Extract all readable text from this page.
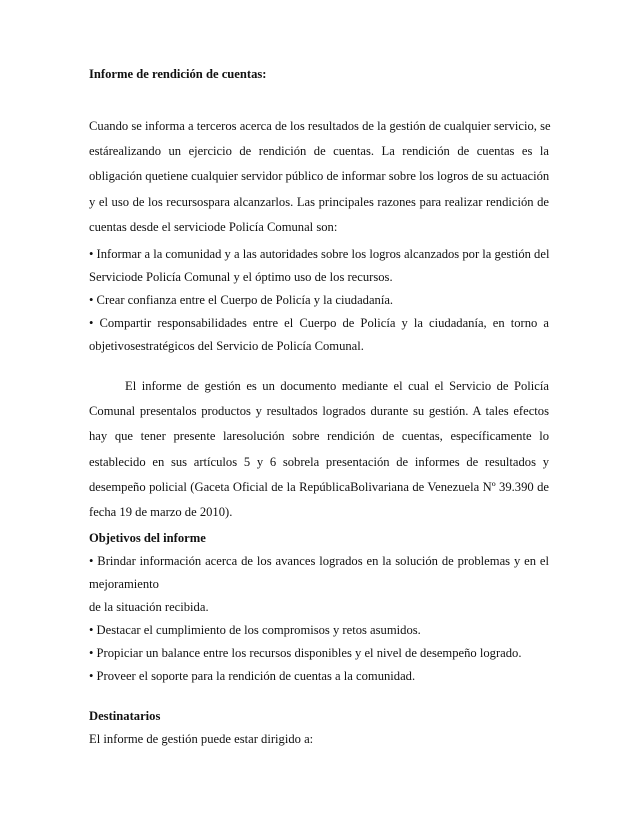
Informe de rendición de cuentas:
Cuando se informa a terceros acerca de los resultados de la gestión de cualquier servicio, se
estárealizando un ejercicio de rendición de cuentas. La rendición de cuentas es la
obligación quetiene cualquier servidor público de informar sobre los logros de su actuación
y el uso de los recursospara alcanzarlos. Las principales razones para realizar rendición de
cuentas desde el serviciode Policía Comunal son:
• Informar a la comunidad y a las autoridades sobre los logros alcanzados por la gestión del
Serviciode Policía Comunal y el óptimo uso de los recursos.
• Crear confianza entre el Cuerpo de Policía y la ciudadanía.
• Compartir responsabilidades entre el Cuerpo de Policía y la ciudadanía, en torno a
objetivosestratégicos del Servicio de Policía Comunal.
El informe de gestión es un documento mediante el cual el Servicio de Policía
Comunal presentalos productos y resultados logrados durante su gestión. A tales efectos
hay que tener presente laresolución sobre rendición de cuentas, específicamente lo
establecido en sus artículos 5 y 6 sobrela presentación de informes de resultados y
desempeño policial (Gaceta Oficial de la RepúblicaBolivariana de Venezuela Nº 39.390 de
fecha 19 de marzo de 2010).
Objetivos del informe
• Brindar información acerca de los avances logrados en la solución de problemas y en el
mejoramiento
de la situación recibida.
• Destacar el cumplimiento de los compromisos y retos asumidos.
• Propiciar un balance entre los recursos disponibles y el nivel de desempeño logrado.
• Proveer el soporte para la rendición de cuentas a la comunidad.
Destinatarios
El informe de gestión puede estar dirigido a:
